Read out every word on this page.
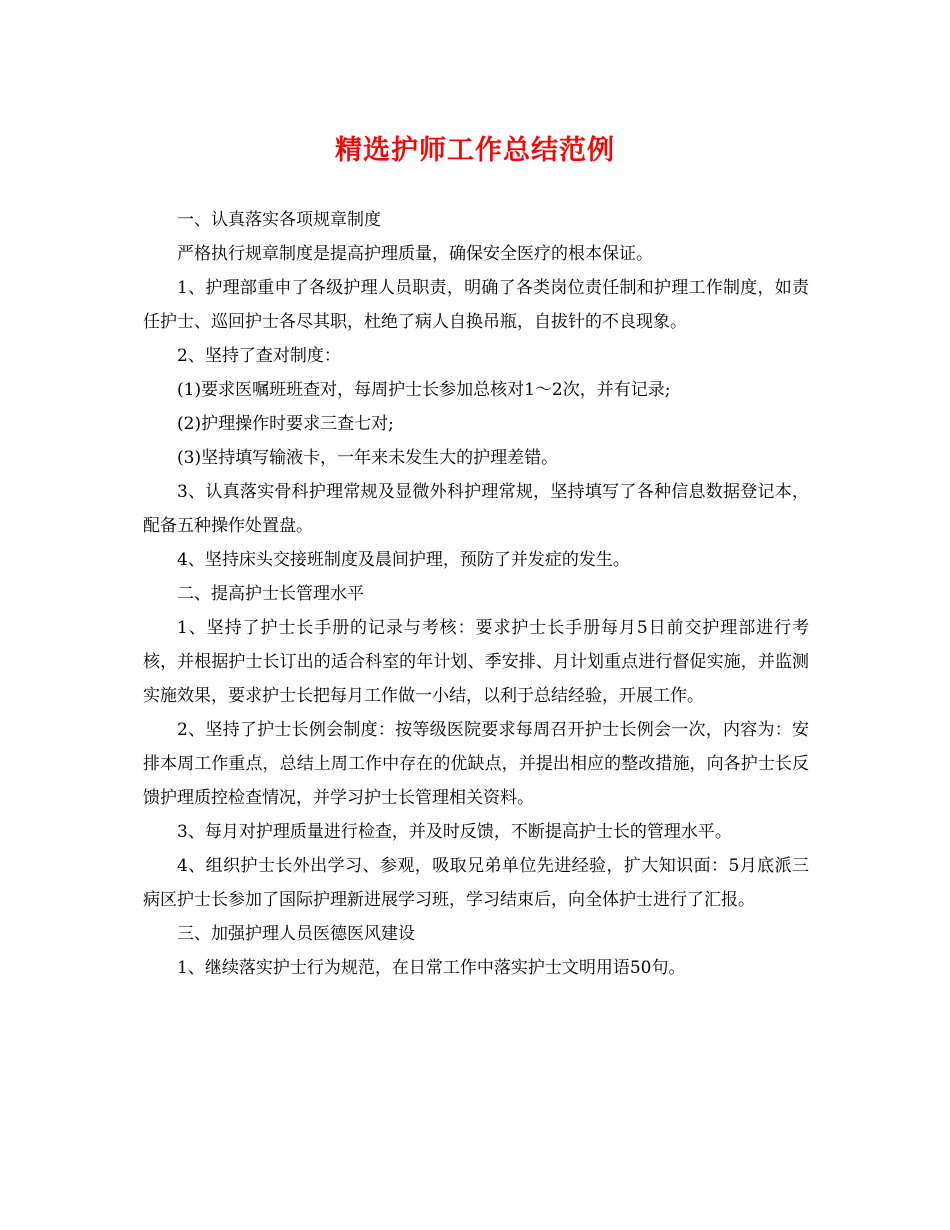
精选护师工作总结范例

一、认真落实各项规章制度

严格执行规章制度是提高护理质量，确保安全医疗的根本保证。

1、护理部重申了各级护理人员职责，明确了各类岗位责任制和护理工作制度，如责任护士、巡回护士各尽其职，杜绝了病人自换吊瓶，自拔针的不良现象。

2、坚持了查对制度：

(1)要求医嘱班班查对，每周护士长参加总核对1～2次，并有记录;

(2)护理操作时要求三查七对;

(3)坚持填写输液卡，一年来未发生大的护理差错。

3、认真落实骨科护理常规及显微外科护理常规，坚持填写了各种信息数据登记本，配备五种操作处置盘。

4、坚持床头交接班制度及晨间护理，预防了并发症的发生。

二、提高护士长管理水平

1、坚持了护士长手册的记录与考核：要求护士长手册每月5日前交护理部进行考核，并根据护士长订出的适合科室的年计划、季安排、月计划重点进行督促实施，并监测实施效果，要求护士长把每月工作做一小结，以利于总结经验，开展工作。

2、坚持了护士长例会制度：按等级医院要求每周召开护士长例会一次，内容为：安排本周工作重点，总结上周工作中存在的优缺点，并提出相应的整改措施，向各护士长反馈护理质控检查情况，并学习护士长管理相关资料。

3、每月对护理质量进行检查，并及时反馈，不断提高护士长的管理水平。

4、组织护士长外出学习、参观，吸取兄弟单位先进经验，扩大知识面：5月底派三病区护士长参加了国际护理新进展学习班，学习结束后，向全体护士进行了汇报。

三、加强护理人员医德医风建设

1、继续落实护士行为规范，在日常工作中落实护士文明用语50句。
